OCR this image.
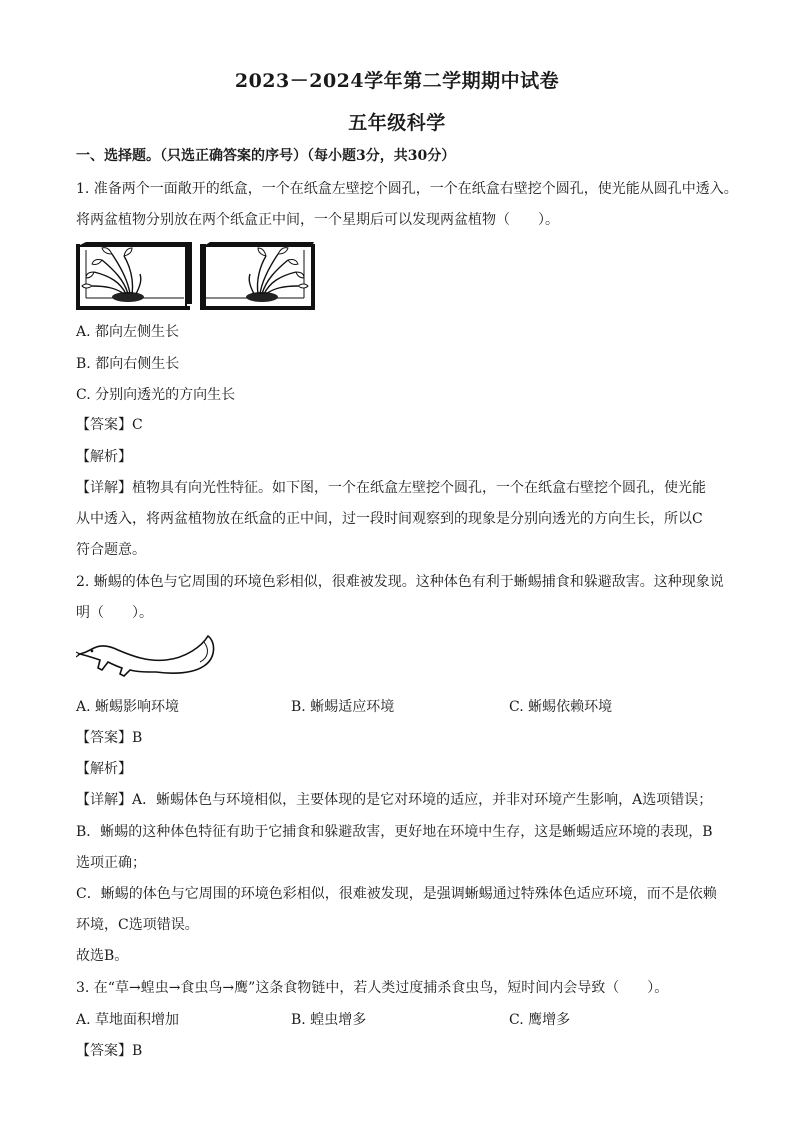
2023－2024学年第二学期期中试卷
五年级科学
一、选择题。（只选正确答案的序号）（每小题3分，共30分）
1. 准备两个一面敞开的纸盒，一个在纸盒左壁挖个圆孔，一个在纸盒右壁挖个圆孔，使光能从圆孔中透入。
将两盆植物分别放在两个纸盒正中间，一个星期后可以发现两盆植物（　　）。
A. 都向左侧生长
B. 都向右侧生长
C. 分别向透光的方向生长
【答案】C
【解析】
【详解】植物具有向光性特征。如下图，一个在纸盒左壁挖个圆孔，一个在纸盒右壁挖个圆孔，使光能
从中透入，将两盆植物放在纸盒的正中间，过一段时间观察到的现象是分别向透光的方向生长，所以C
符合题意。
2. 蜥蜴的体色与它周围的环境色彩相似，很难被发现。这种体色有利于蜥蜴捕食和躲避敌害。这种现象说
明（　　）。
A. 蜥蜴影响环境	B. 蜥蜴适应环境	C. 蜥蜴依赖环境
【答案】B
【解析】
【详解】A．蜥蜴体色与环境相似，主要体现的是它对环境的适应，并非对环境产生影响，A选项错误；
B．蜥蜴的这种体色特征有助于它捕食和躲避敌害，更好地在环境中生存，这是蜥蜴适应环境的表现，B
选项正确；
C．蜥蜴的体色与它周围的环境色彩相似，很难被发现，是强调蜥蜴通过特殊体色适应环境，而不是依赖
环境，C选项错误。
故选B。
3. 在“草→蝗虫→食虫鸟→鹰”这条食物链中，若人类过度捕杀食虫鸟，短时间内会导致（　　）。
A. 草地面积增加	B. 蝗虫增多	C. 鹰增多
【答案】B
